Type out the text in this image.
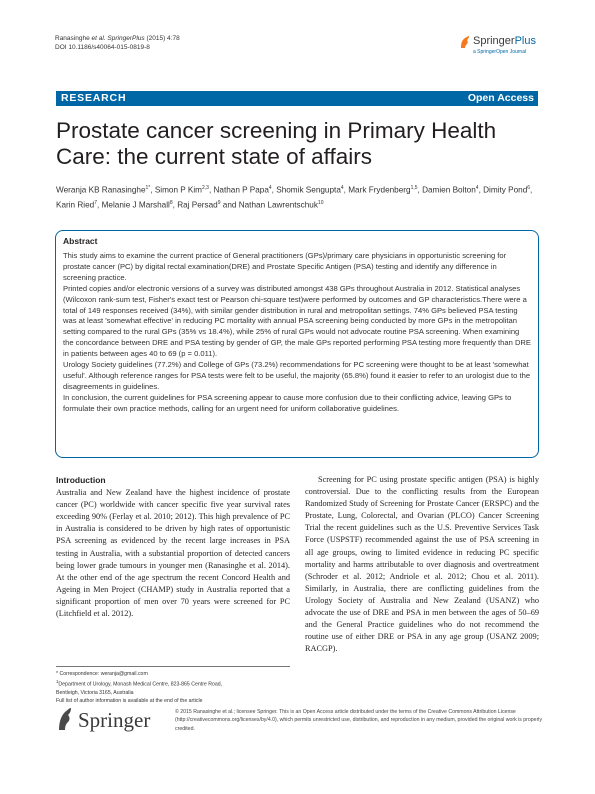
Ranasinghe et al. SpringerPlus (2015) 4:78
DOI 10.1186/s40064-015-0819-8
SpringerPlus
a SpringerOpen Journal
RESEARCH	Open Access
Prostate cancer screening in Primary Health Care: the current state of affairs
Weranja KB Ranasinghe$^{1*}$, Simon P Kim$^{2,3}$, Nathan P Papa$^4$, Shomik Sengupta$^4$, Mark Frydenberg$^{1,5}$, Damien Bolton$^4$, Dimity Pond$^6$, Karin Ried$^7$, Melanie J Marshall$^8$, Raj Persad$^9$ and Nathan Lawrentschuk$^{10}$
Abstract

This study aims to examine the current practice of General practitioners (GPs)/primary care physicians in opportunistic screening for prostate cancer (PC) by digital rectal examination(DRE) and Prostate Specific Antigen (PSA) testing and identify any difference in screening practice.

Printed copies and/or electronic versions of a survey was distributed amongst 438 GPs throughout Australia in 2012. Statistical analyses (Wilcoxon rank-sum test, Fisher's exact test or Pearson chi-square test)were performed by outcomes and GP characteristics.There were a total of 149 responses received (34%), with similar gender distribution in rural and metropolitan settings. 74% GPs believed PSA testing was at least 'somewhat effective' in reducing PC mortality with annual PSA screening being conducted by more GPs in the metropolitan setting compared to the rural GPs (35% vs 18.4%), while 25% of rural GPs would not advocate routine PSA screening. When examining the concordance between DRE and PSA testing by gender of GP, the male GPs reported performing PSA testing more frequently than DRE in patients between ages 40 to 69 (p = 0.011).

Urology Society guidelines (77.2%) and College of GPs (73.2%) recommendations for PC screening were thought to be at least 'somewhat useful'. Although reference ranges for PSA tests were felt to be useful, the majority (65.8%) found it easier to refer to an urologist due to the disagreements in guidelines.

In conclusion, the current guidelines for PSA screening appear to cause more confusion due to their conflicting advice, leaving GPs to formulate their own practice methods, calling for an urgent need for uniform collaborative guidelines.

Introduction

Australia and New Zealand have the highest incidence of prostate cancer (PC) worldwide with cancer specific five year survival rates exceeding 90% (Ferlay et al. 2010; 2012). This high prevalence of PC in Australia is considered to be driven by high rates of opportunistic PSA screening as evidenced by the recent large increases in PSA testing in Australia, with a substantial proportion of detected cancers being lower grade tumours in younger men (Ranasinghe et al. 2014). At the other end of the age spectrum the recent Concord Health and Ageing in Men Project (CHAMP) study in Australia reported that a significant proportion of men over 70 years were screened for PC (Litchfield et al. 2012).

Screening for PC using prostate specific antigen (PSA) is highly controversial. Due to the conflicting results from the European Randomized Study of Screening for Prostate Cancer (ERSPC) and the Prostate, Lung, Colorectal, and Ovarian (PLCO) Cancer Screening Trial the recent guidelines such as the U.S. Preventive Services Task Force (USPSTF) recommended against the use of PSA screening in all age groups, owing to limited evidence in reducing PC specific mortality and harms attributable to over diagnosis and overtreatment (Schroder et al. 2012; Andriole et al. 2012; Chou et al. 2011). Similarly, in Australia, there are conflicting guidelines from the Urology Society of Australia and New Zealand (USANZ) who advocate the use of DRE and PSA in men between the ages of 50–69 and the General Practice guidelines who do not recommend the routine use of either DRE or PSA in any age group (USANZ 2009; RACGP).

* Correspondence: weranja@gmail.com
$^1$Department of Urology, Monash Medical Centre, 823-865 Centre Road,
Bentleigh, Victoria 3165, Australia
Full list of author information is available at the end of the article
Springer	© 2015 Ranasinghe et al.; licensee Springer. This is an Open Access article distributed under the terms of the Creative Commons Attribution License (http://creativecommons.org/licenses/by/4.0), which permits unrestricted use, distribution, and reproduction in any medium, provided the original work is properly credited.
